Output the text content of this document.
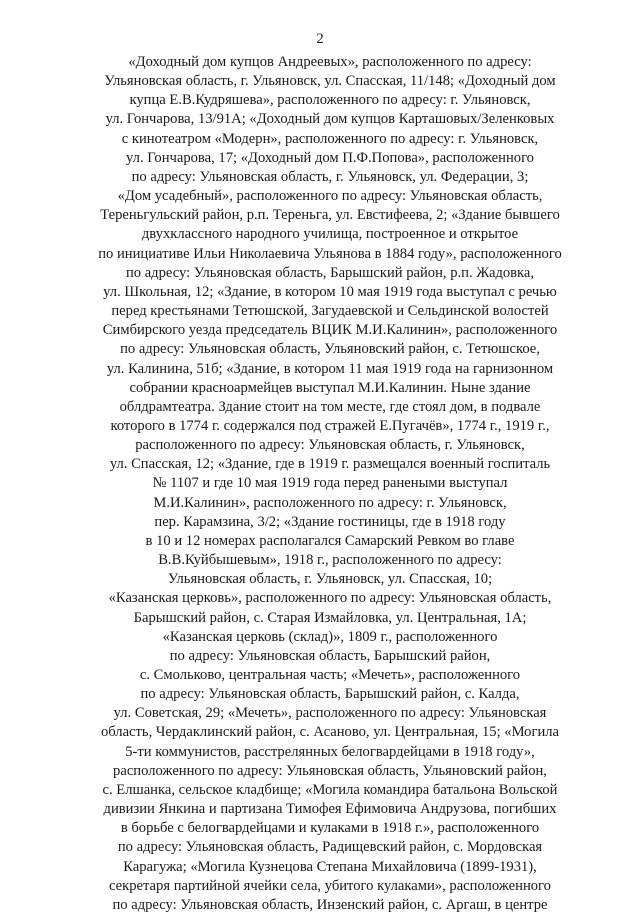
2
«Доходный дом купцов Андреевых», расположенного по адресу:
Ульяновская область, г. Ульяновск, ул. Спасская, 11/148; «Доходный дом
купца Е.В.Кудряшева», расположенного по адресу: г. Ульяновск,
ул. Гончарова, 13/91А; «Доходный дом купцов Карташовых/Зеленковых
с кинотеатром «Модерн», расположенного по адресу: г. Ульяновск,
ул. Гончарова, 17; «Доходный дом П.Ф.Попова», расположенного
по адресу: Ульяновская область, г. Ульяновск, ул. Федерации, 3;
«Дом усадебный», расположенного по адресу: Ульяновская область,
Тереньгульский район, р.п. Тереньга, ул. Евстифеева, 2; «Здание бывшего
двухклассного народного училища, построенное и открытое
по инициативе Ильи Николаевича Ульянова в 1884 году», расположенного
по адресу: Ульяновская область, Барышский район, р.п. Жадовка,
ул. Школьная, 12; «Здание, в котором 10 мая 1919 года выступал с речью
перед крестьянами Тетюшской, Загудаевской и Сельдинской волостей
Симбирского уезда председатель ВЦИК М.И.Калинин», расположенного
по адресу: Ульяновская область, Ульяновский район, с. Тетюшское,
ул. Калинина, 51б; «Здание, в котором 11 мая 1919 года на гарнизонном
собрании красноармейцев выступал М.И.Калинин. Ныне здание
облдрамтеатра. Здание стоит на том месте, где стоял дом, в подвале
которого в 1774 г. содержался под стражей Е.Пугачёв», 1774 г., 1919 г.,
расположенного по адресу: Ульяновская область, г. Ульяновск,
ул. Спасская, 12; «Здание, где в 1919 г. размещался военный госпиталь
№ 1107 и где 10 мая 1919 года перед ранеными выступал
М.И.Калинин», расположенного по адресу: г. Ульяновск,
пер. Карамзина, 3/2; «Здание гостиницы, где в 1918 году
в 10 и 12 номерах располагался Самарский Ревком во главе
В.В.Куйбышевым», 1918 г., расположенного по адресу:
Ульяновская область, г. Ульяновск, ул. Спасская, 10;
«Казанская церковь», расположенного по адресу: Ульяновская область,
Барышский район, с. Старая Измайловка, ул. Центральная, 1А;
«Казанская церковь (склад)», 1809 г., расположенного
по адресу: Ульяновская область, Барышский район,
с. Смольково, центральная часть; «Мечеть», расположенного
по адресу: Ульяновская область, Барышский район, с. Калда,
ул. Советская, 29; «Мечеть», расположенного по адресу: Ульяновская
область, Чердаклинский район, с. Асаново, ул. Центральная, 15; «Могила
5-ти коммунистов, расстрелянных белогвардейцами в 1918 году»,
расположенного по адресу: Ульяновская область, Ульяновский район,
с. Елшанка, сельское кладбище; «Могила командира батальона Вольской
дивизии Янкина и партизана Тимофея Ефимовича Андрузова, погибших
в борьбе с белогвардейцами и кулаками в 1918 г.», расположенного
по адресу: Ульяновская область, Радищевский район, с. Мордовская
Карагужа; «Могила Кузнецова Степана Михайловича (1899-1931),
секретаря партийной ячейки села, убитого кулаками», расположенного
по адресу: Ульяновская область, Инзенский район, с. Аргаш, в центре
